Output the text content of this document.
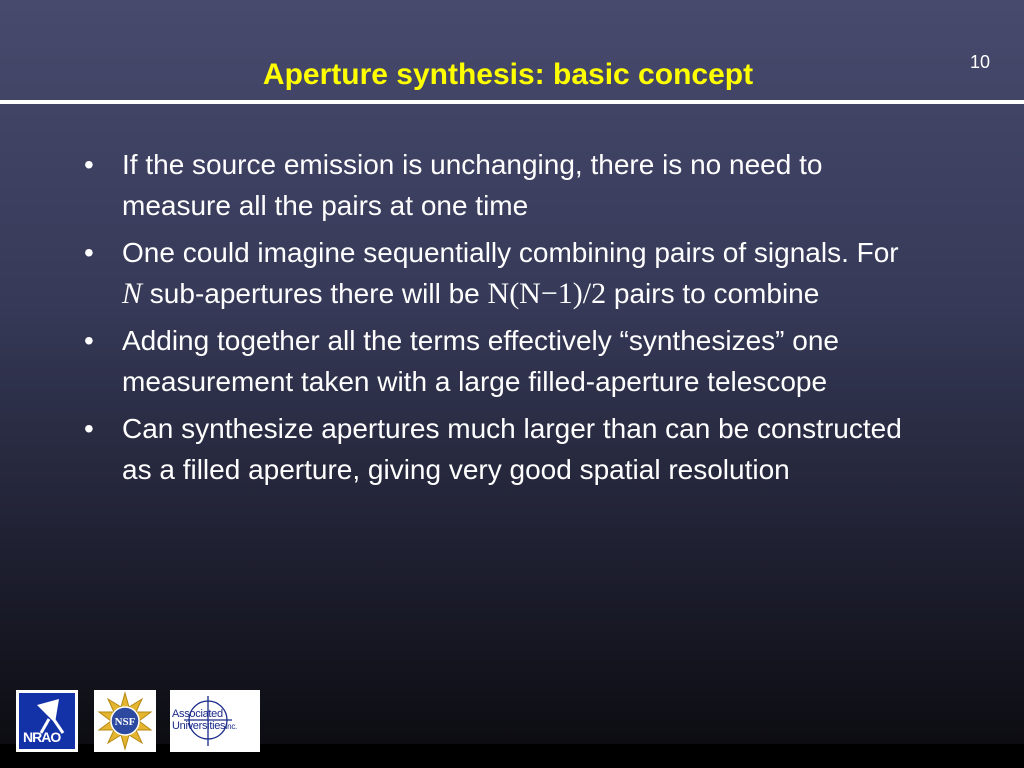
10
Aperture synthesis: basic concept
• If the source emission is unchanging, there is no need to measure all the pairs at one time
• One could imagine sequentially combining pairs of signals. For N sub-apertures there will be N(N−1)/2 pairs to combine
• Adding together all the terms effectively “synthesizes” one measurement taken with a large filled-aperture telescope
• Can synthesize apertures much larger than can be constructed as a filled aperture, giving very good spatial resolution
NRAO
NSF
Associated
UniversitiesInc.
